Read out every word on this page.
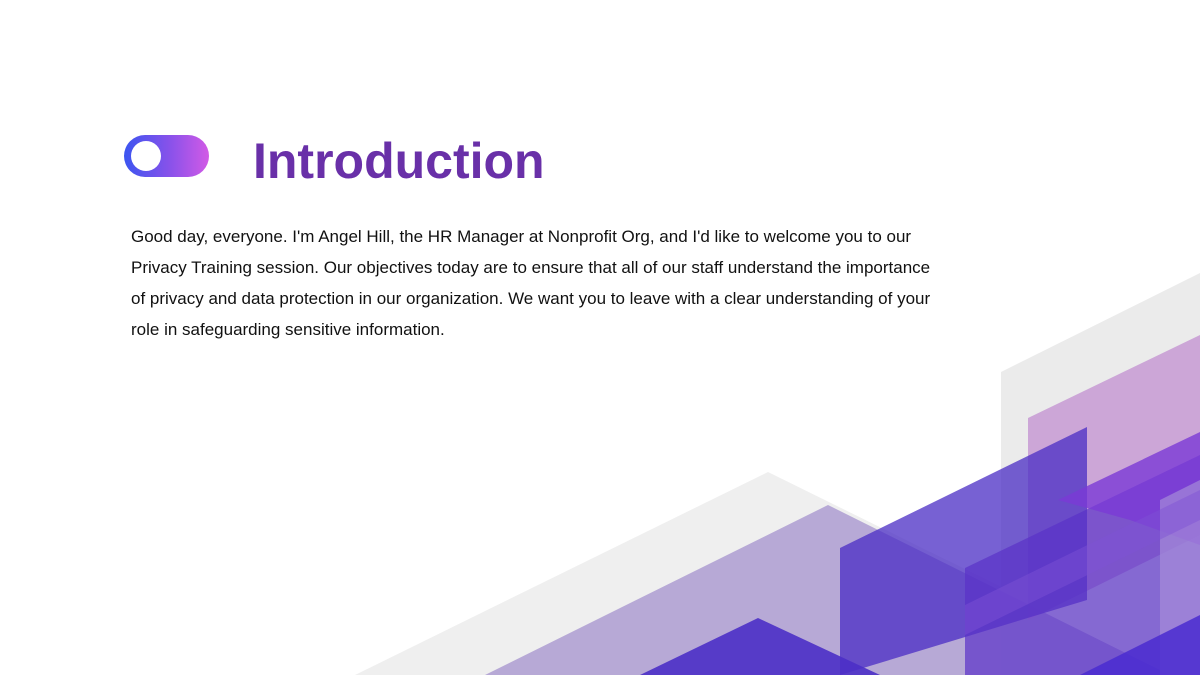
Introduction

Good day, everyone. I'm Angel Hill, the HR Manager at Nonprofit Org, and I'd like to welcome you to our
Privacy Training session. Our objectives today are to ensure that all of our staff understand the importance
of privacy and data protection in our organization. We want you to leave with a clear understanding of your
role in safeguarding sensitive information.
